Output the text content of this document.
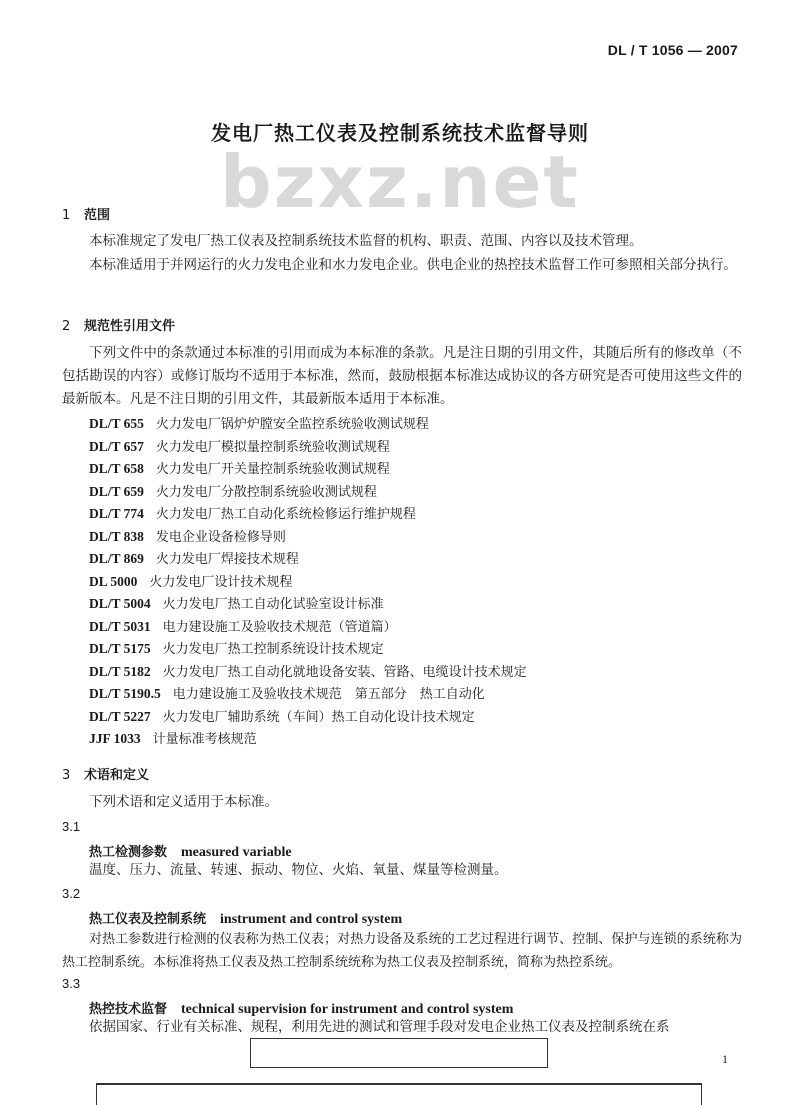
DL / T 1056 — 2007
发电厂热工仪表及控制系统技术监督导则
bzxz.net
1 范围
本标准规定了发电厂热工仪表及控制系统技术监督的机构、职责、范围、内容以及技术管理。
本标准适用于并网运行的火力发电企业和水力发电企业。供电企业的热控技术监督工作可参照相关部分执行。
2 规范性引用文件
下列文件中的条款通过本标准的引用而成为本标准的条款。凡是注日期的引用文件，其随后所有的修改单（不包括勘误的内容）或修订版均不适用于本标准，然而，鼓励根据本标准达成协议的各方研究是否可使用这些文件的最新版本。凡是不注日期的引用文件，其最新版本适用于本标准。
DL/T 655 火力发电厂锅炉炉膛安全监控系统验收测试规程
DL/T 657 火力发电厂模拟量控制系统验收测试规程
DL/T 658 火力发电厂开关量控制系统验收测试规程
DL/T 659 火力发电厂分散控制系统验收测试规程
DL/T 774 火力发电厂热工自动化系统检修运行维护规程
DL/T 838 发电企业设备检修导则
DL/T 869 火力发电厂焊接技术规程
DL 5000 火力发电厂设计技术规程
DL/T 5004 火力发电厂热工自动化试验室设计标准
DL/T 5031 电力建设施工及验收技术规范（管道篇）
DL/T 5175 火力发电厂热工控制系统设计技术规定
DL/T 5182 火力发电厂热工自动化就地设备安装、管路、电缆设计技术规定
DL/T 5190.5 电力建设施工及验收技术规范　第五部分　热工自动化
DL/T 5227 火力发电厂辅助系统（车间）热工自动化设计技术规定
JJF 1033 计量标准考核规范
3 术语和定义
下列术语和定义适用于本标准。
3.1
热工检测参数 measured variable
温度、压力、流量、转速、振动、物位、火焰、氧量、煤量等检测量。
3.2
热工仪表及控制系统 instrument and control system
对热工参数进行检测的仪表称为热工仪表；对热力设备及系统的工艺过程进行调节、控制、保护与连锁的系统称为热工控制系统。本标准将热工仪表及热工控制系统统称为热工仪表及控制系统，简称为热控系统。
3.3
热控技术监督 technical supervision for instrument and control system
依据国家、行业有关标准、规程，利用先进的测试和管理手段对发电企业热工仪表及控制系统在系
1
